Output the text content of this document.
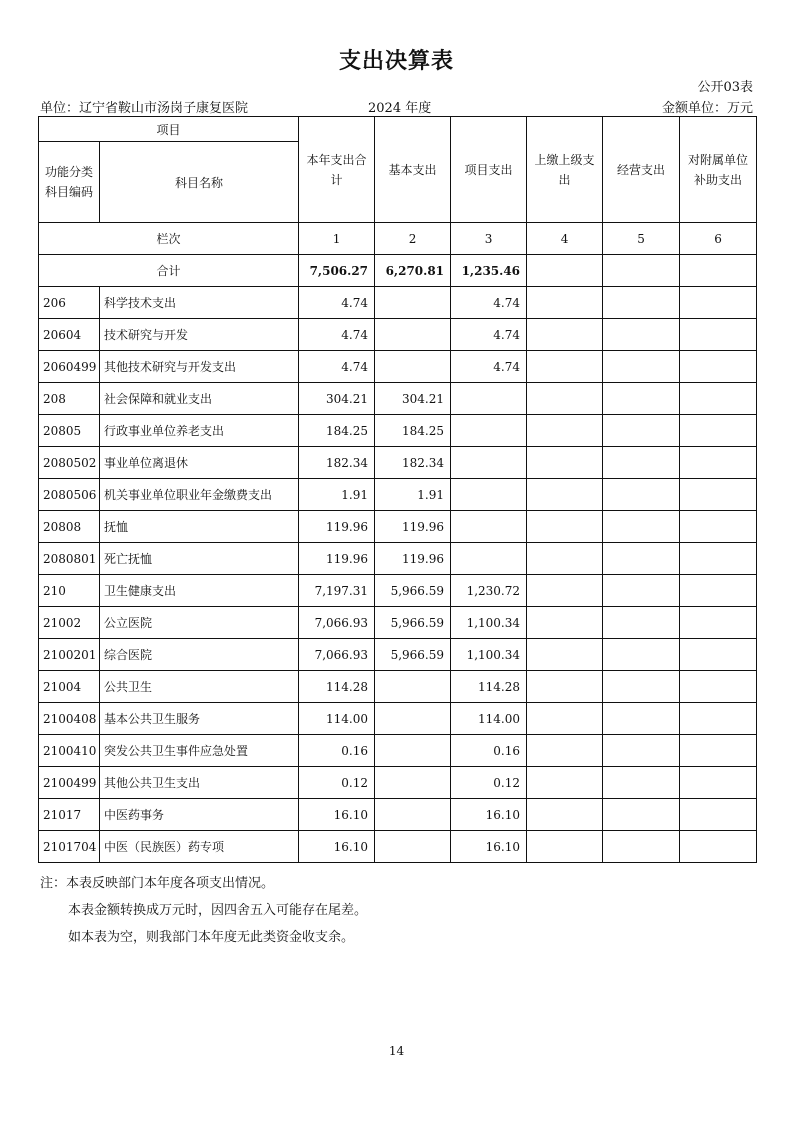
支出决算表
公开03表
单位：辽宁省鞍山市汤岗子康复医院	2024 年度	金额单位：万元
项目		本年支出合计	基本支出	项目支出	上缴上级支出	经营支出	对附属单位补助支出
功能分类科目编码	科目名称						
栏次		1	2	3	4	5	6
合计		7,506.27	6,270.81	1,235.46			
206	科学技术支出	4.74		4.74			
20604	技术研究与开发	4.74		4.74			
2060499	其他技术研究与开发支出	4.74		4.74			
208	社会保障和就业支出	304.21	304.21				
20805	行政事业单位养老支出	184.25	184.25				
2080502	事业单位离退休	182.34	182.34				
2080506	机关事业单位职业年金缴费支出	1.91	1.91				
20808	抚恤	119.96	119.96				
2080801	死亡抚恤	119.96	119.96				
210	卫生健康支出	7,197.31	5,966.59	1,230.72			
21002	公立医院	7,066.93	5,966.59	1,100.34			
2100201	综合医院	7,066.93	5,966.59	1,100.34			
21004	公共卫生	114.28		114.28			
2100408	基本公共卫生服务	114.00		114.00			
2100410	突发公共卫生事件应急处置	0.16		0.16			
2100499	其他公共卫生支出	0.12		0.12			
21017	中医药事务	16.10		16.10			
2101704	中医（民族医）药专项	16.10		16.10			
注：本表反映部门本年度各项支出情况。
本表金额转换成万元时，因四舍五入可能存在尾差。
如本表为空，则我部门本年度无此类资金收支余。
14
